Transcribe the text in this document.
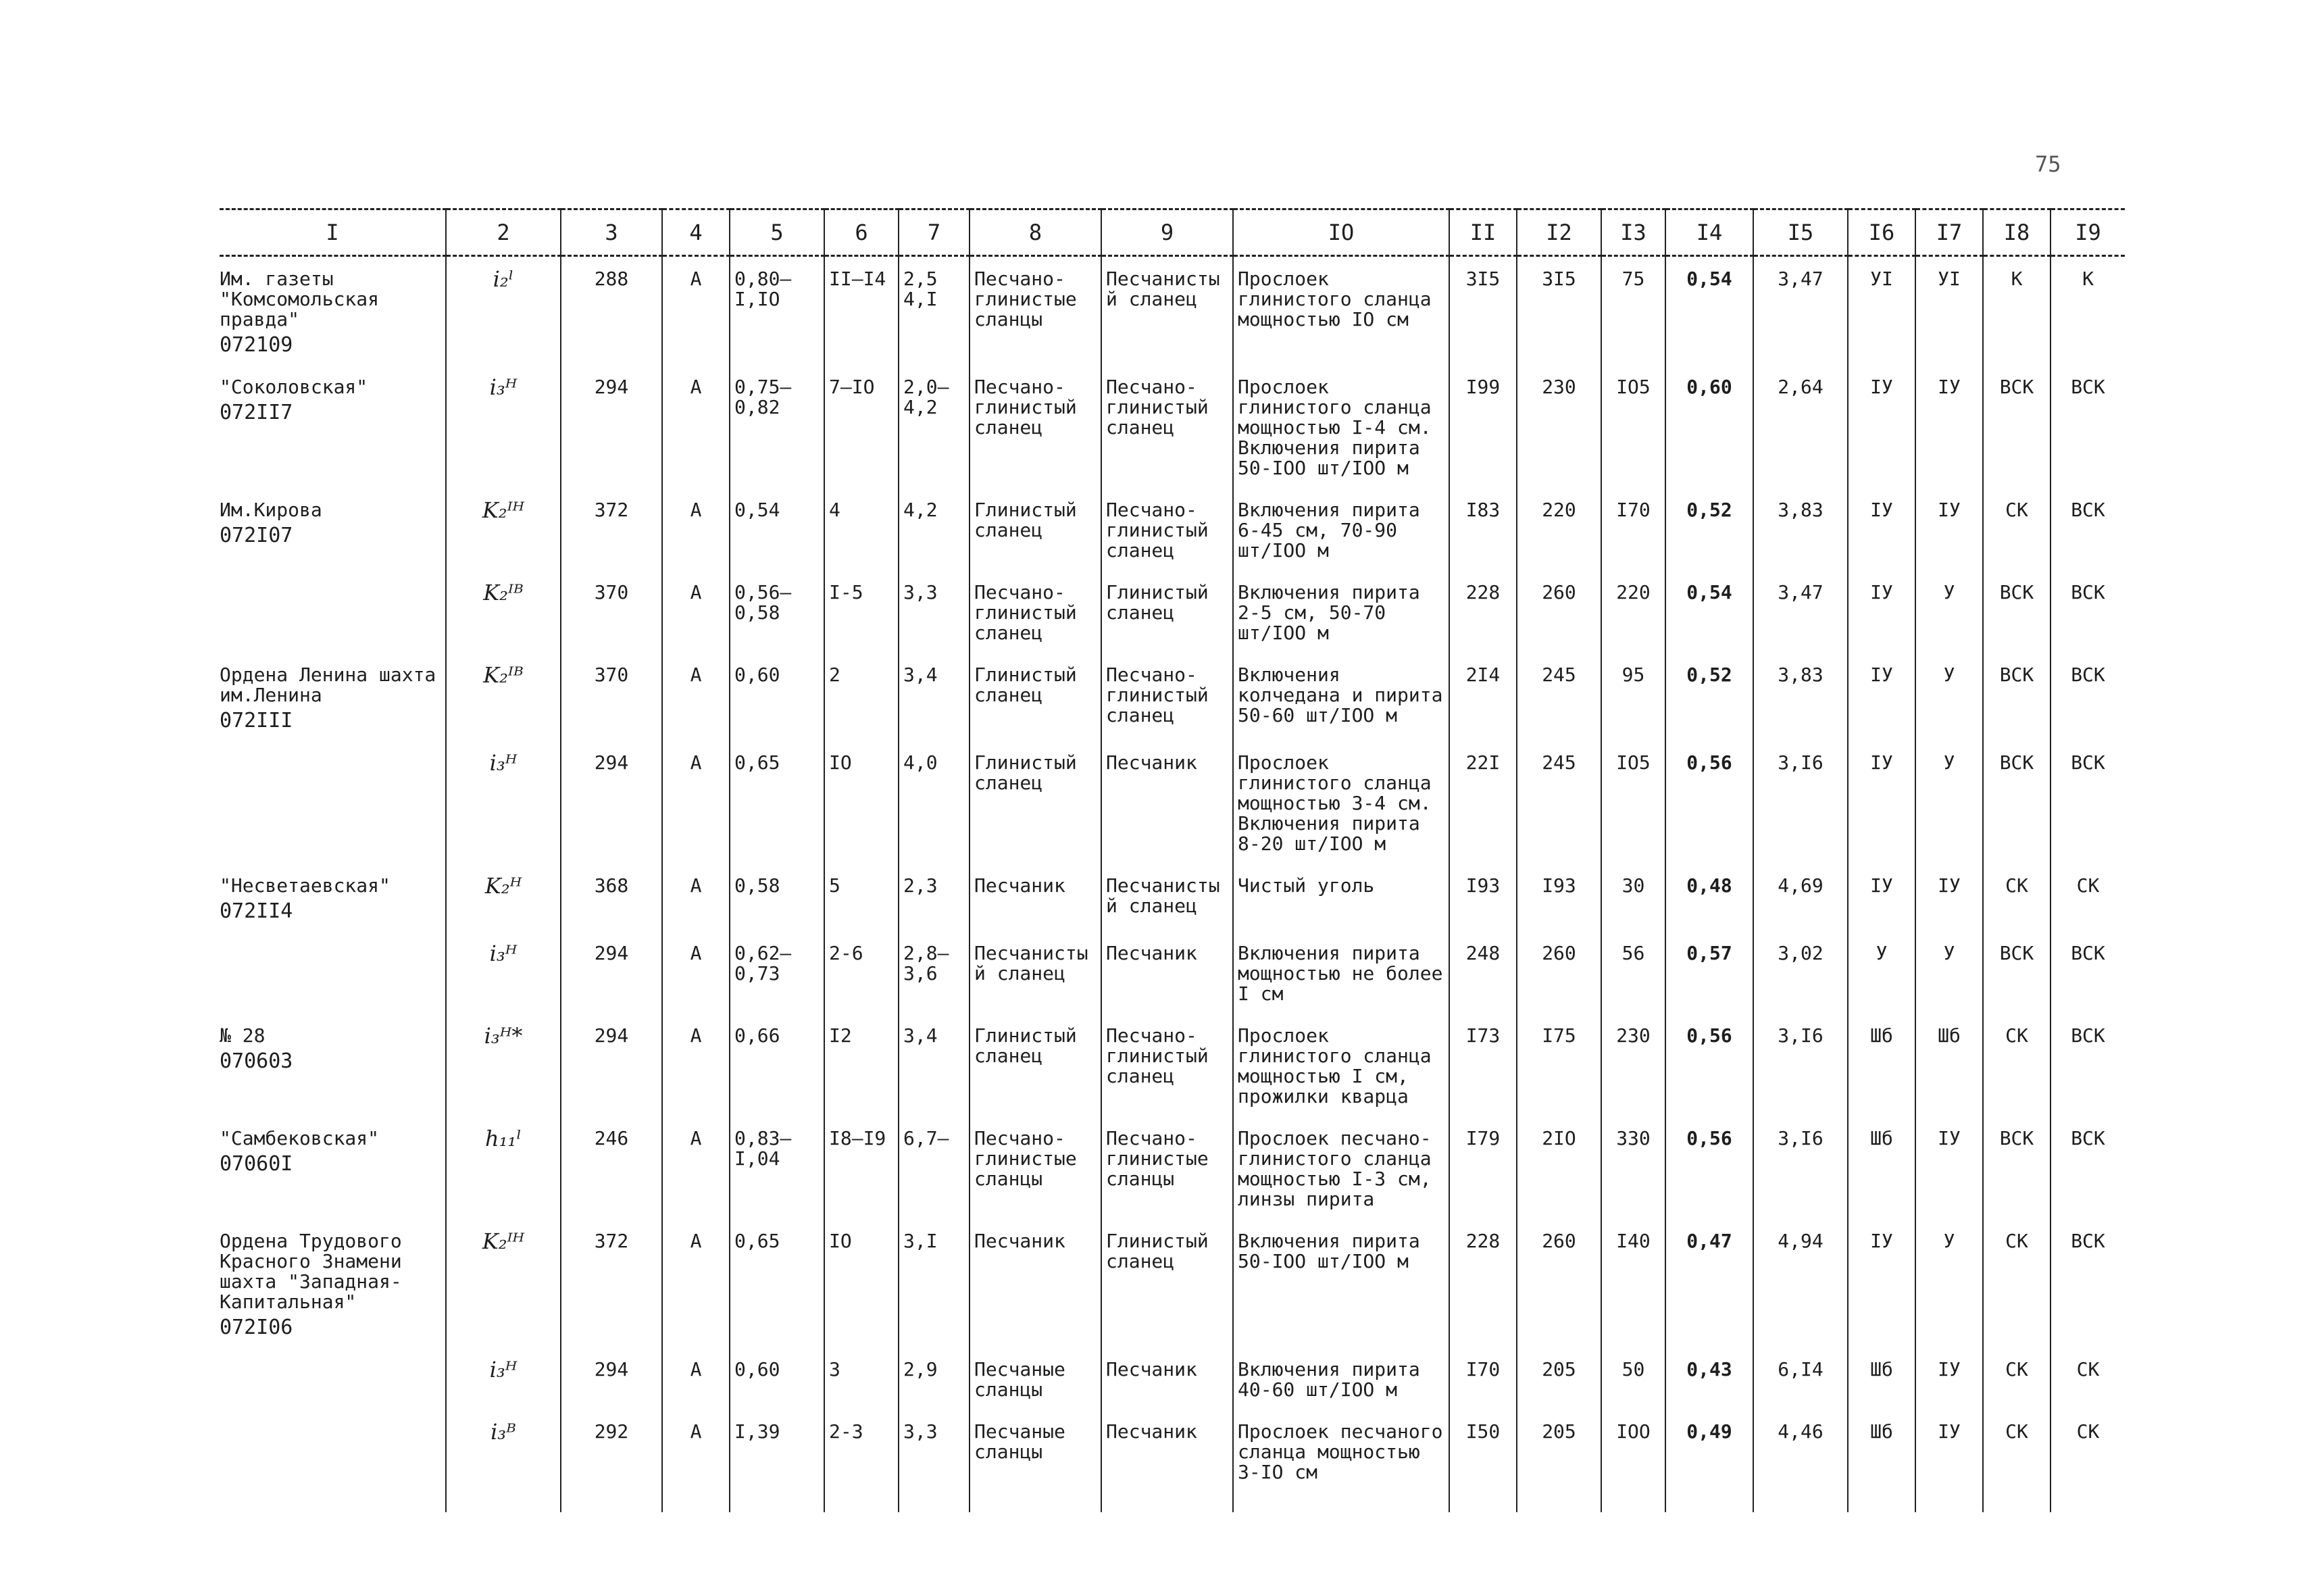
75
I	2	3	4	5	6	7	8	9	IO	II	I2	I3	I4	I5	I6	I7	I8	I9

Им. газеты "Комсомольская правда"
072109	i₂ˡ	288	A	0,80–I,IO	II–I4	2,5 4,I	Песчано-глинистые сланцы	Песчанистый сланец	Прослоек глинистого сланца мощностью IO см	3I5	3I5	75	0,54	3,47	УI	УI	К	К

"Соколовская"
072II7	i₃ᴴ	294	A	0,75–0,82	7–IO	2,0–4,2	Песчано-глинистый сланец	Песчано-глинистый сланец	Прослоек глинистого сланца мощностью I-4 см. Включения пирита 50-IOO шт/IOO м	I99	230	IO5	0,60	2,64	IУ	IУ	ВСК	ВСК

Им.Кирова
072I07	K₂ᴵᴴ	372	A	0,54	4	4,2	Глинистый сланец	Песчано-глинистый сланец	Включения пирита 6-45 см, 70-90 шт/IOO м	I83	220	I70	0,52	3,83	IУ	IУ	СК	ВСК

	K₂ᴵᴮ	370	A	0,56–0,58	I-5	3,3	Песчано-глинистый сланец	Глинистый сланец	Включения пирита 2-5 см, 50-70 шт/IOO м	228	260	220	0,54	3,47	IУ	У	ВСК	ВСК

Ордена Ленина шахта им.Ленина
072III	K₂ᴵᴮ	370	A	0,60	2	3,4	Глинистый сланец	Песчано-глинистый сланец	Включения колчедана и пирита 50-60 шт/IOO м	2I4	245	95	0,52	3,83	IУ	У	ВСК	ВСК

	i₃ᴴ	294	A	0,65	IO	4,0	Глинистый сланец	Песчаник	Прослоек глинистого сланца мощностью 3-4 см. Включения пирита 8-20 шт/IOO м	22I	245	IO5	0,56	3,I6	IУ	У	ВСК	ВСК

"Несветаевская"
072II4	K₂ᴴ	368	A	0,58	5	2,3	Песчаник	Песчанистый сланец	Чистый уголь	I93	I93	30	0,48	4,69	IУ	IУ	СК	СК

	i₃ᴴ	294	A	0,62–0,73	2-6	2,8–3,6	Песчанистый сланец	Песчаник	Включения пирита мощностью не более I см	248	260	56	0,57	3,02	У	У	ВСК	ВСК

№ 28
070603	i₃ᴴ*	294	A	0,66	I2	3,4	Глинистый сланец	Песчано-глинистый сланец	Прослоек глинистого сланца мощностью I см, прожилки кварца	I73	I75	230	0,56	3,I6	Шб	Шб	СК	ВСК

"Самбековская"
07060I	h₁₁ˡ	246	A	0,83–I,04	I8–I9	6,7–	Песчано-глинистые сланцы	Песчано-глинистые сланцы	Прослоек песчано-глинистого сланца мощностью I-3 см, линзы пирита	I79	2IO	330	0,56	3,I6	Шб	IУ	ВСК	ВСК

Ордена Трудового Красного Знамени шахта "Западная-Капитальная"
072I06	K₂ᴵᴴ	372	A	0,65	IO	3,I	Песчаник	Глинистый сланец	Включения пирита 50-IOO шт/IOO м	228	260	I40	0,47	4,94	IУ	У	СК	ВСК

	i₃ᴴ	294	A	0,60	3	2,9	Песчаные сланцы	Песчаник	Включения пирита 40-60 шт/IOO м	I70	205	50	0,43	6,I4	Шб	IУ	СК	СК

	i₃ᴮ	292	A	I,39	2-3	3,3	Песчаные сланцы	Песчаник	Прослоек песчаного сланца мощностью 3-IO см	I50	205	IOO	0,49	4,46	Шб	IУ	СК	СК
